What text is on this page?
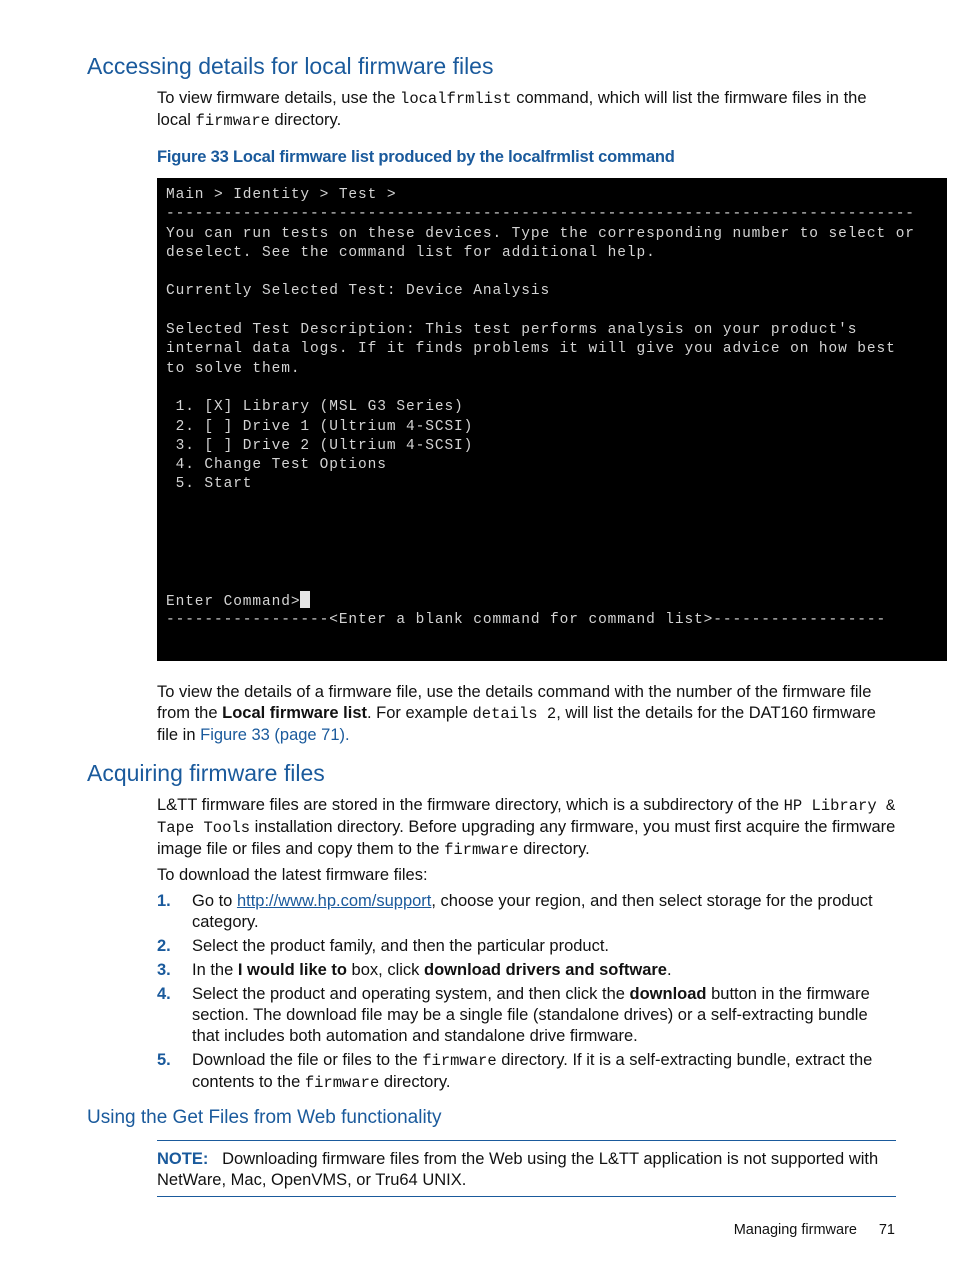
Accessing details for local firmware files

To view firmware details, use the localfrmlist command, which will list the firmware files in the local firmware directory.

Figure 33 Local firmware list produced by the localfrmlist command

Main > Identity > Test >
------------------------------------------------------------------------------
You can run tests on these devices. Type the corresponding number to select or
deselect. See the command list for additional help.
Currently Selected Test: Device Analysis
Selected Test Description: This test performs analysis on your product's
internal data logs. If it finds problems it will give you advice on how best
to solve them.
1. [X] Library (MSL G3 Series)
2. [ ] Drive 1 (Ultrium 4-SCSI)
3. [ ] Drive 2 (Ultrium 4-SCSI)
4. Change Test Options
5. Start
Enter Command>
-----------------<Enter a blank command for command list>------------------

To view the details of a firmware file, use the details command with the number of the firmware file from the Local firmware list. For example details 2, will list the details for the DAT160 firmware file in Figure 33 (page 71).

Acquiring firmware files

L&TT firmware files are stored in the firmware directory, which is a subdirectory of the HP Library & Tape Tools installation directory. Before upgrading any firmware, you must first acquire the firmware image file or files and copy them to the firmware directory.

To download the latest firmware files:

1. Go to http://www.hp.com/support, choose your region, and then select storage for the product category.
2. Select the product family, and then the particular product.
3. In the I would like to box, click download drivers and software.
4. Select the product and operating system, and then click the download button in the firmware section. The download file may be a single file (standalone drives) or a self-extracting bundle that includes both automation and standalone drive firmware.
5. Download the file or files to the firmware directory. If it is a self-extracting bundle, extract the contents to the firmware directory.
Using the Get Files from Web functionality

NOTE: Downloading firmware files from the Web using the L&TT application is not supported with NetWare, Mac, OpenVMS, or Tru64 UNIX.

Managing firmware 71
